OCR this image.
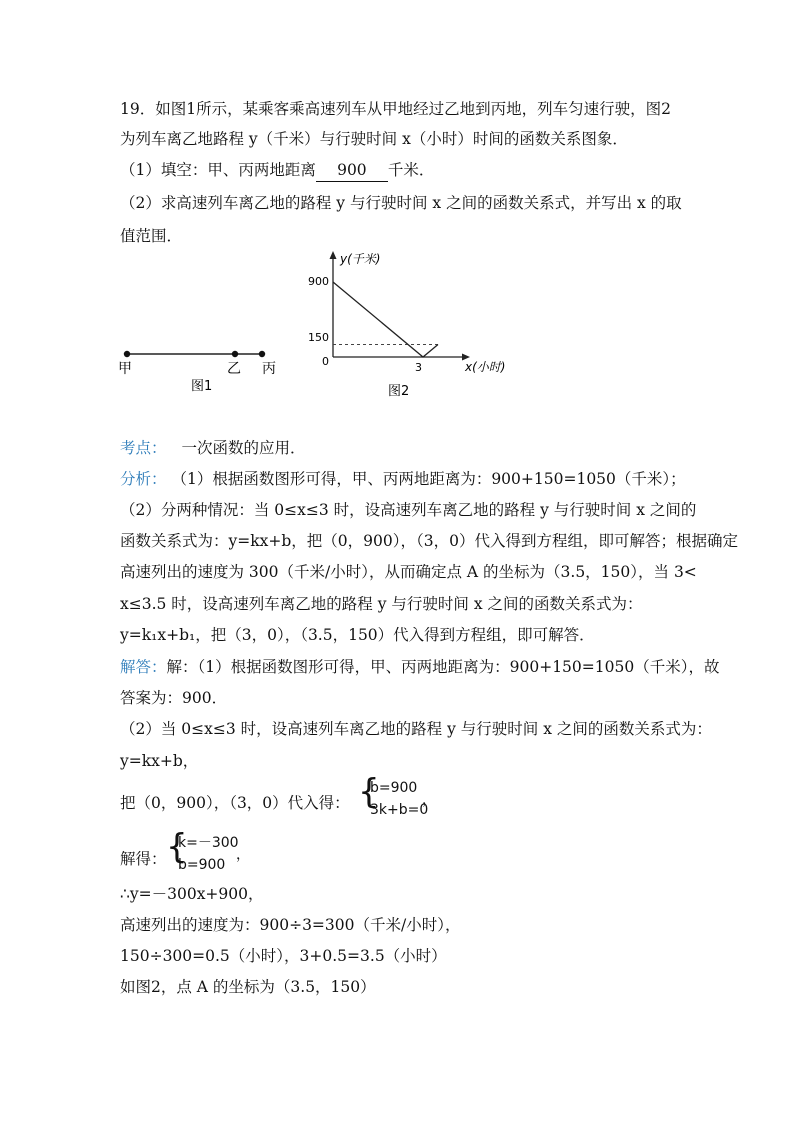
19．如图1所示，某乘客乘高速列车从甲地经过乙地到丙地，列车匀速行驶，图2
为列车离乙地路程 y（千米）与行驶时间 x（小时）时间的函数关系图象．
（1）填空：甲、丙两地距离 900 千米．
（2）求高速列车离乙地的路程 y 与行驶时间 x 之间的函数关系式，并写出 x 的取
值范围．
甲	乙 丙
图1
y(千米)
x(小时)
900
150
0	3
图2
考点： 一次函数的应用．
分析： （1）根据函数图形可得，甲、丙两地距离为：900+150=1050（千米）；
（2）分两种情况：当 0≤x≤3 时，设高速列车离乙地的路程 y 与行驶时间 x 之间的
函数关系式为：y=kx+b，把（0，900），（3，0）代入得到方程组，即可解答；根据确定
高速列出的速度为 300（千米/小时），从而确定点 A 的坐标为（3.5，150），当 3<
x≤3.5 时，设高速列车离乙地的路程 y 与行驶时间 x 之间的函数关系式为：
y=k₁x+b₁，把（3，0），（3.5，150）代入得到方程组，即可解答．
解答：解：（1）根据函数图形可得，甲、丙两地距离为：900+150=1050（千米），故
答案为：900．
（2）当 0≤x≤3 时，设高速列车离乙地的路程 y 与行驶时间 x 之间的函数关系式为：
y=kx+b，
把（0，900），（3，0）代入得： {
b=900
3k+b=0
，
解得： {
k=－300
b=900
，
∴y=－300x+900，
高速列出的速度为：900÷3=300（千米/小时），
150÷300=0.5（小时），3+0.5=3.5（小时）
如图2，点 A 的坐标为（3.5，150）
